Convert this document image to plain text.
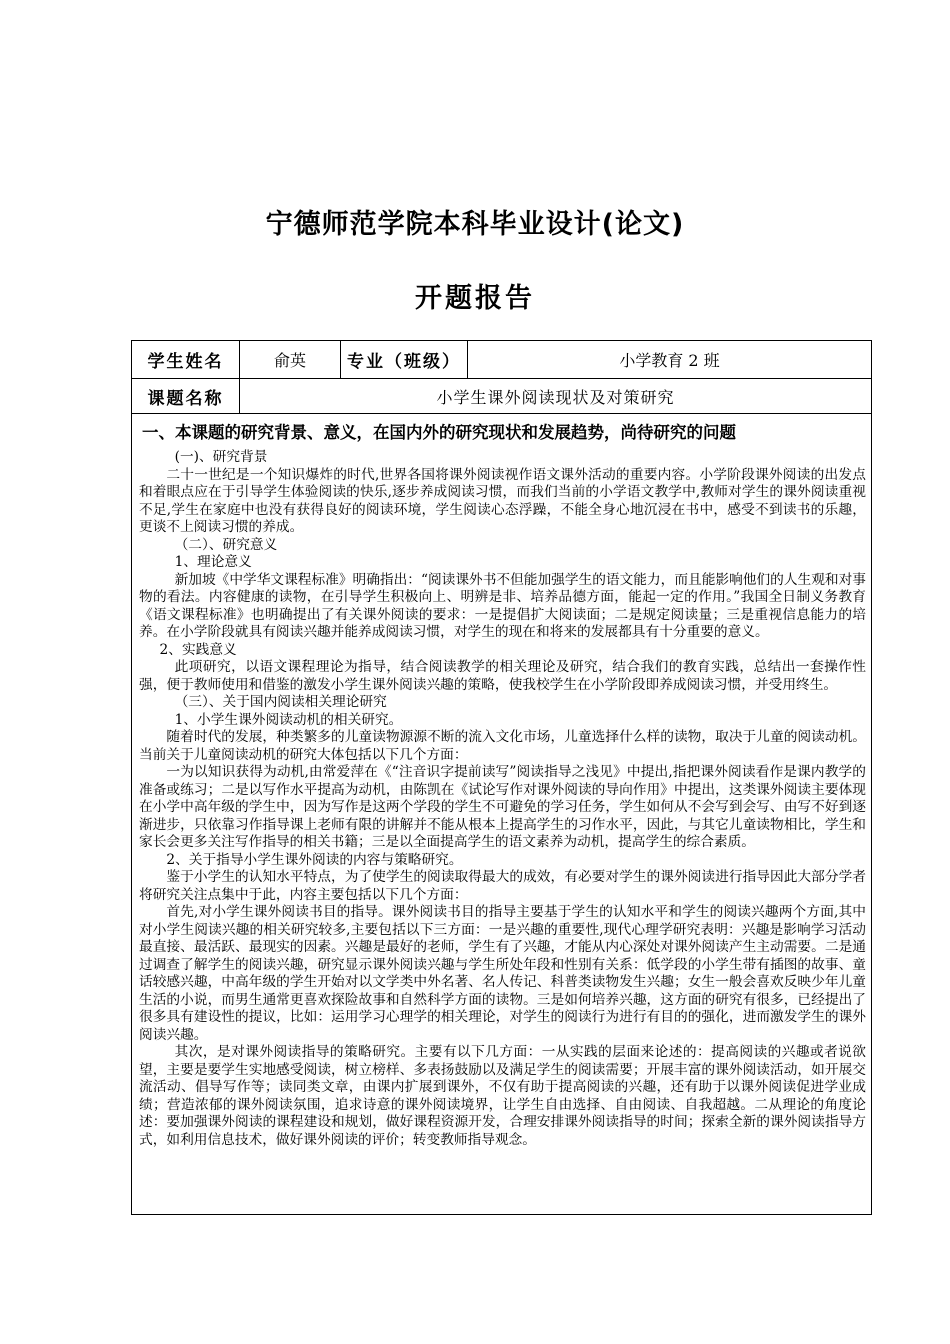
宁德师范学院本科毕业设计(论文)
开题报告
学生姓名	俞英	专业（班级）	小学教育 2 班
课题名称	小学生课外阅读现状及对策研究
一、本课题的研究背景、意义，在国内外的研究现状和发展趋势，尚待研究的问题

(一)、研究背景

二十一世纪是一个知识爆炸的时代,世界各国将课外阅读视作语文课外活动的重要内容。小学阶段课外阅读的出发点和着眼点应在于引导学生体验阅读的快乐,逐步养成阅读习惯，而我们当前的小学语文教学中,教师对学生的课外阅读重视不足,学生在家庭中也没有获得良好的阅读环境，学生阅读心态浮躁，不能全身心地沉浸在书中，感受不到读书的乐趣，更谈不上阅读习惯的养成。

（二）、研究意义

1、理论意义

新加坡《中学华文课程标准》明确指出：“阅读课外书不但能加强学生的语文能力，而且能影响他们的人生观和对事物的看法。内容健康的读物，在引导学生积极向上、明辨是非、培养品德方面，能起一定的作用。”我国全日制义务教育《语文课程标准》也明确提出了有关课外阅读的要求：一是提倡扩大阅读面；二是规定阅读量；三是重视信息能力的培养。在小学阶段就具有阅读兴趣并能养成阅读习惯，对学生的现在和将来的发展都具有十分重要的意义。

2、实践意义

此项研究，以语文课程理论为指导，结合阅读教学的相关理论及研究，结合我们的教育实践，总结出一套操作性强，便于教师使用和借鉴的激发小学生课外阅读兴趣的策略，使我校学生在小学阶段即养成阅读习惯，并受用终生。

（三）、关于国内阅读相关理论研究

1、小学生课外阅读动机的相关研究。

随着时代的发展，种类繁多的儿童读物源源不断的流入文化市场，儿童选择什么样的读物，取决于儿童的阅读动机。当前关于儿童阅读动机的研究大体包括以下几个方面：

一为以知识获得为动机,由常爱萍在《“注音识字提前读写”阅读指导之浅见》中提出,指把课外阅读看作是课内教学的准备或练习；二是以写作水平提高为动机，由陈凯在《试论写作对课外阅读的导向作用》中提出，这类课外阅读主要体现在小学中高年级的学生中，因为写作是这两个学段的学生不可避免的学习任务，学生如何从不会写到会写、由写不好到逐渐进步，只依靠习作指导课上老师有限的讲解并不能从根本上提高学生的习作水平，因此，与其它儿童读物相比，学生和家长会更多关注写作指导的相关书籍；三是以全面提高学生的语文素养为动机，提高学生的综合素质。

2、关于指导小学生课外阅读的内容与策略研究。

鉴于小学生的认知水平特点，为了使学生的阅读取得最大的成效，有必要对学生的课外阅读进行指导因此大部分学者将研究关注点集中于此，内容主要包括以下几个方面：

首先,对小学生课外阅读书目的指导。课外阅读书目的指导主要基于学生的认知水平和学生的阅读兴趣两个方面,其中对小学生阅读兴趣的相关研究较多,主要包括以下三方面：一是兴趣的重要性,现代心理学研究表明：兴趣是影响学习活动最直接、最活跃、最现实的因素。兴趣是最好的老师，学生有了兴趣，才能从内心深处对课外阅读产生主动需要。二是通过调查了解学生的阅读兴趣，研究显示课外阅读兴趣与学生所处年段和性别有关系：低学段的小学生带有插图的故事、童话较感兴趣，中高年级的学生开始对以文学类中外名著、名人传记、科普类读物发生兴趣；女生一般会喜欢反映少年儿童生活的小说，而男生通常更喜欢探险故事和自然科学方面的读物。三是如何培养兴趣，这方面的研究有很多，已经提出了很多具有建设性的提议，比如：运用学习心理学的相关理论，对学生的阅读行为进行有目的的强化，进而激发学生的课外阅读兴趣。

其次，是对课外阅读指导的策略研究。主要有以下几方面：一从实践的层面来论述的：提高阅读的兴趣或者说欲望，主要是要学生实地感受阅读，树立榜样、多表扬鼓励以及满足学生的阅读需要；开展丰富的课外阅读活动，如开展交流活动、倡导写作等；读同类文章，由课内扩展到课外，不仅有助于提高阅读的兴趣，还有助于以课外阅读促进学业成绩；营造浓郁的课外阅读氛围，追求诗意的课外阅读境界，让学生自由选择、自由阅读、自我超越。二从理论的角度论述：要加强课外阅读的课程建设和规划，做好课程资源开发，合理安排课外阅读指导的时间；探索全新的课外阅读指导方式，如利用信息技术，做好课外阅读的评价；转变教师指导观念。
